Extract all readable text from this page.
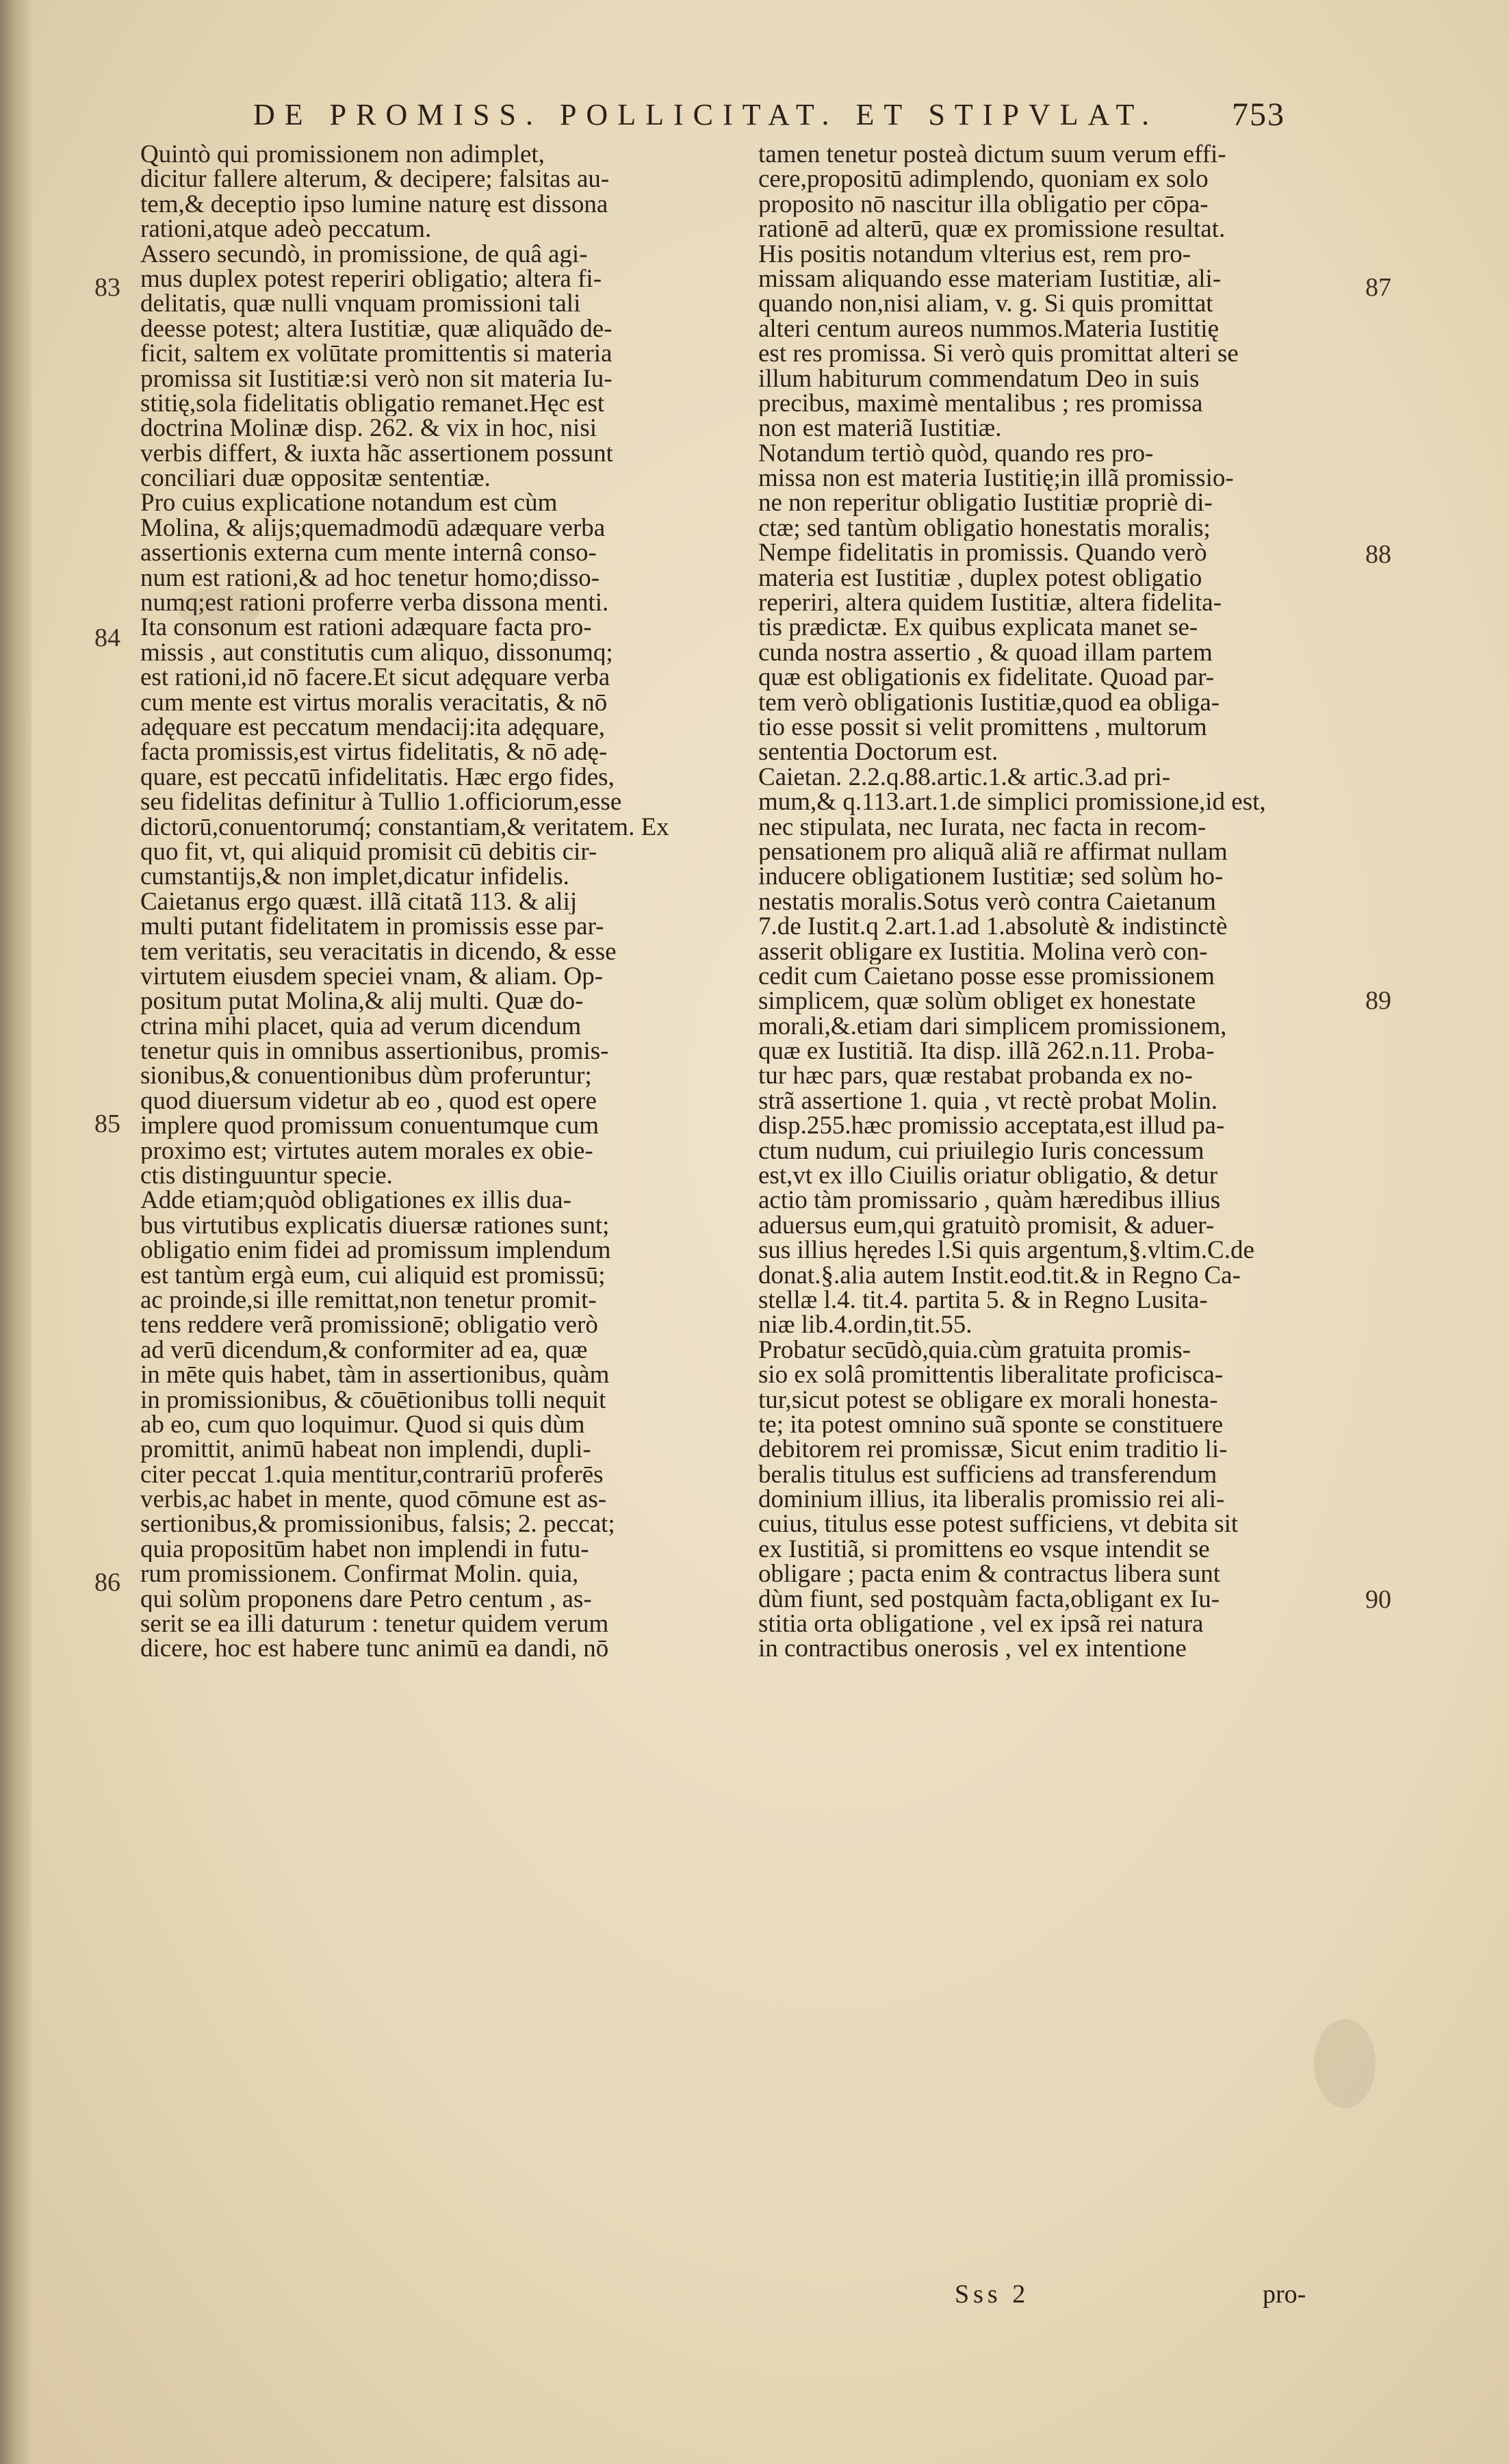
DE PROMISS. POLLICITAT. ET STIPVLAT.	753
Quintò qui promissionem non adimplet,
dicitur fallere alterum, & decipere; falsitas au-
tem,& deceptio ipso lumine naturę est dissona
rationi,atque adeò peccatum.
Assero secundò, in promissione, de quâ agi-
mus duplex potest reperiri obligatio; altera fi-
delitatis, quæ nulli vnquam promissioni tali
deesse potest; altera Iustitiæ, quæ aliquãdo de-
ficit, saltem ex volūtate promittentis si materia
promissa sit Iustitiæ:si verò non sit materia Iu-
stitię,sola fidelitatis obligatio remanet.Hęc est
doctrina Molinæ disp. 262. & vix in hoc, nisi
verbis differt, & iuxta hãc assertionem possunt
conciliari duæ oppositæ sententiæ.
Pro cuius explicatione notandum est cùm
Molina, & alijs;quemadmodū adæquare verba
assertionis externa cum mente internâ conso-
num est rationi,& ad hoc tenetur homo;disso-
numq;est rationi proferre verba dissona menti.
Ita consonum est rationi adæquare facta pro-
missis , aut constitutis cum aliquo, dissonumq;
est rationi,id nō facere.Et sicut adęquare verba
cum mente est virtus moralis veracitatis, & nō
adęquare est peccatum mendacij:ita adęquare,
facta promissis,est virtus fidelitatis, & nō adę-
quare, est peccatū infidelitatis. Hæc ergo fides,
seu fidelitas definitur à Tullio 1.officiorum,esse
dictorū,conuentorumq́; constantiam,& veritatem. Ex
quo fit, vt, qui aliquid promisit cū debitis cir-
cumstantijs,& non implet,dicatur infidelis.
Caietanus ergo quæst. illã citatã 113. & alij
multi putant fidelitatem in promissis esse par-
tem veritatis, seu veracitatis in dicendo, & esse
virtutem eiusdem speciei vnam, & aliam. Op-
positum putat Molina,& alij multi. Quæ do-
ctrina mihi placet, quia ad verum dicendum
tenetur quis in omnibus assertionibus, promis-
sionibus,& conuentionibus dùm proferuntur;
quod diuersum videtur ab eo , quod est opere
implere quod promissum conuentumque cum
proximo est; virtutes autem morales ex obie-
ctis distinguuntur specie.
Adde etiam;quòd obligationes ex illis dua-
bus virtutibus explicatis diuersæ rationes sunt;
obligatio enim fidei ad promissum implendum
est tantùm ergà eum, cui aliquid est promissū;
ac proinde,si ille remittat,non tenetur promit-
tens reddere verã promissionē; obligatio verò
ad verū dicendum,& conformiter ad ea, quæ
in mēte quis habet, tàm in assertionibus, quàm
in promissionibus, & cōuētionibus tolli nequit
ab eo, cum quo loquimur. Quod si quis dùm
promittit, animū habeat non implendi, dupli-
citer peccat 1.quia mentitur,contrariū proferēs
verbis,ac habet in mente, quod cōmune est as-
sertionibus,& promissionibus, falsis; 2. peccat;
quia propositūm habet non implendi in futu-
rum promissionem. Confirmat Molin. quia,
qui solùm proponens dare Petro centum , as-
serit se ea illi daturum : tenetur quidem verum
dicere, hoc est habere tunc animū ea dandi, nō
tamen tenetur posteà dictum suum verum effi-
cere,propositū adimplendo, quoniam ex solo
proposito nō nascitur illa obligatio per cōpa-
rationē ad alterū, quæ ex promissione resultat.
His positis notandum vlterius est, rem pro-
missam aliquando esse materiam Iustitiæ, ali-
quando non,nisi aliam, v. g. Si quis promittat
alteri centum aureos nummos.Materia Iustitię
est res promissa. Si verò quis promittat alteri se
illum habiturum commendatum Deo in suis
precibus, maximè mentalibus ; res promissa
non est materiã Iustitiæ.
Notandum tertiò quòd, quando res pro-
missa non est materia Iustitię;in illã promissio-
ne non reperitur obligatio Iustitiæ propriè di-
ctæ; sed tantùm obligatio honestatis moralis;
Nempe fidelitatis in promissis. Quando verò
materia est Iustitiæ , duplex potest obligatio
reperiri, altera quidem Iustitiæ, altera fidelita-
tis prædictæ. Ex quibus explicata manet se-
cunda nostra assertio , & quoad illam partem
quæ est obligationis ex fidelitate. Quoad par-
tem verò obligationis Iustitiæ,quod ea obliga-
tio esse possit si velit promittens , multorum
sententia Doctorum est.
Caietan. 2.2.q.88.artic.1.& artic.3.ad pri-
mum,& q.113.art.1.de simplici promissione,id est,
nec stipulata, nec Iurata, nec facta in recom-
pensationem pro aliquã aliã re affirmat nullam
inducere obligationem Iustitiæ; sed solùm ho-
nestatis moralis.Sotus verò contra Caietanum
7.de Iustit.q 2.art.1.ad 1.absolutè & indistinctè
asserit obligare ex Iustitia. Molina verò con-
cedit cum Caietano posse esse promissionem
simplicem, quæ solùm obliget ex honestate
morali,&.etiam dari simplicem promissionem,
quæ ex Iustitiã. Ita disp. illã 262.n.11. Proba-
tur hæc pars, quæ restabat probanda ex no-
strã assertione 1. quia , vt rectè probat Molin.
disp.255.hæc promissio acceptata,est illud pa-
ctum nudum, cui priuilegio Iuris concessum
est,vt ex illo Ciuilis oriatur obligatio, & detur
actio tàm promissario , quàm hæredibus illius
aduersus eum,qui gratuitò promisit, & aduer-
sus illius hęredes l.Si quis argentum,§.vltim.C.de
donat.§.alia autem Instit.eod.tit.& in Regno Ca-
stellæ l.4. tit.4. partita 5. & in Regno Lusita-
niæ lib.4.ordin,tit.55.
Probatur secūdò,quia.cùm gratuita promis-
sio ex solâ promittentis liberalitate proficisca-
tur,sicut potest se obligare ex morali honesta-
te; ita potest omnino suã sponte se constituere
debitorem rei promissæ, Sicut enim traditio li-
beralis titulus est sufficiens ad transferendum
dominium illius, ita liberalis promissio rei ali-
cuius, titulus esse potest sufficiens, vt debita sit
ex Iustitiã, si promittens eo vsque intendit se
obligare ; pacta enim & contractus libera sunt
dùm fiunt, sed postquàm facta,obligant ex Iu-
stitia orta obligatione , vel ex ipsã rei natura
in contractibus onerosis , vel ex intentione
83
84
85
86
87
88
89
90
Sss 2	pro-
